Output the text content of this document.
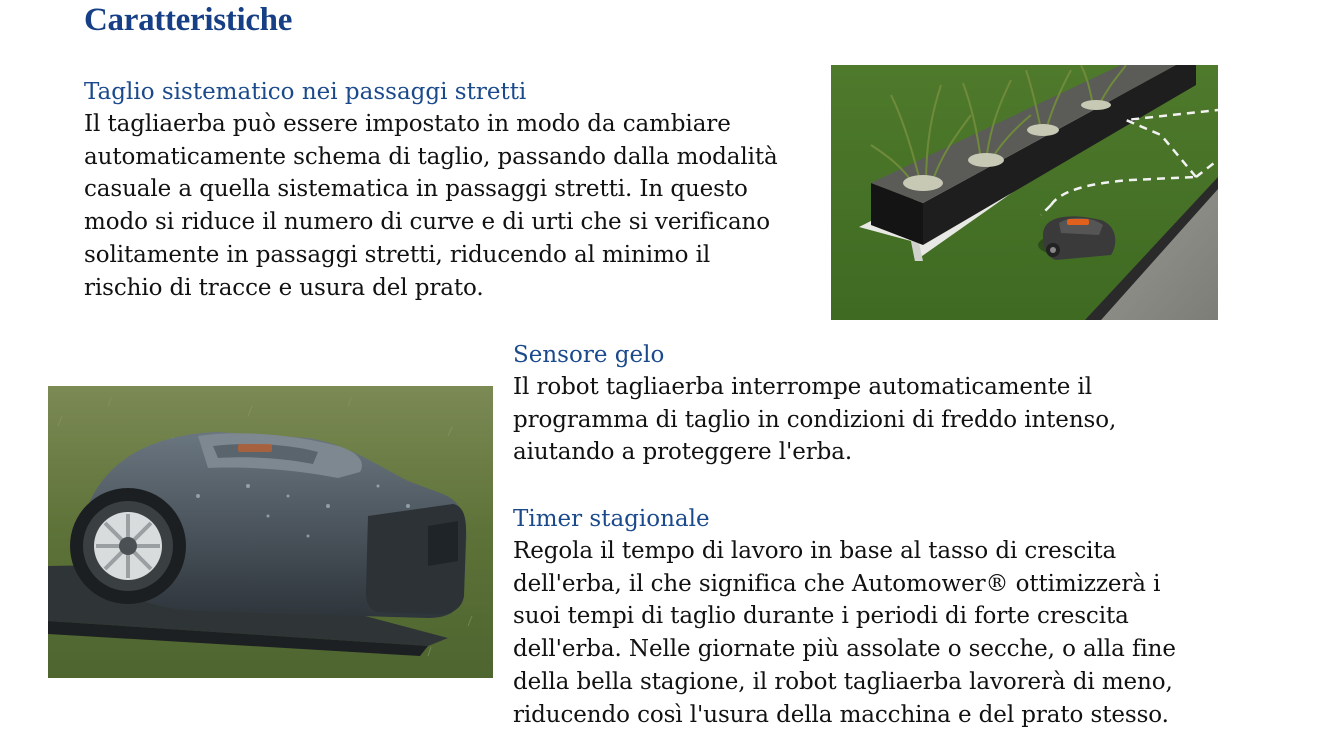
Caratteristiche

Taglio sistematico nei passaggi stretti

Il tagliaerba può essere impostato in modo da cambiare
automaticamente schema di taglio, passando dalla modalità
casuale a quella sistematica in passaggi stretti. In questo
modo si riduce il numero di curve e di urti che si verificano
solitamente in passaggi stretti, riducendo al minimo il
rischio di tracce e usura del prato.

Sensore gelo

Il robot tagliaerba interrompe automaticamente il
programma di taglio in condizioni di freddo intenso,
aiutando a proteggere l'erba.

Timer stagionale

Regola il tempo di lavoro in base al tasso di crescita
dell'erba, il che significa che Automower® ottimizzerà i
suoi tempi di taglio durante i periodi di forte crescita
dell'erba. Nelle giornate più assolate o secche, o alla fine
della bella stagione, il robot tagliaerba lavorerà di meno,
riducendo così l'usura della macchina e del prato stesso.
